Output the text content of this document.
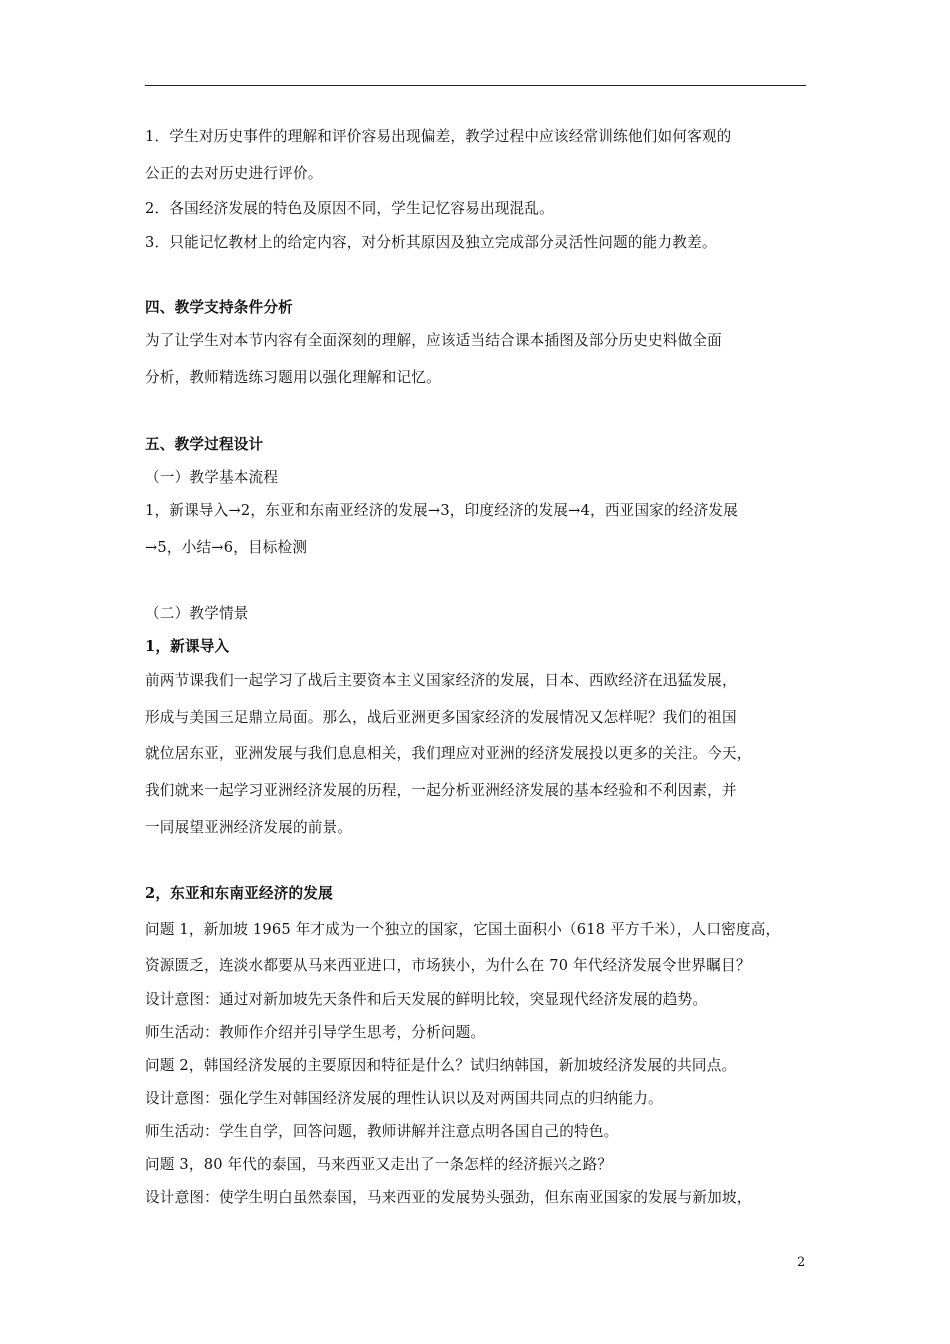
1．学生对历史事件的理解和评价容易出现偏差，教学过程中应该经常训练他们如何客观的
公正的去对历史进行评价。
2．各国经济发展的特色及原因不同，学生记忆容易出现混乱。
3．只能记忆教材上的给定内容，对分析其原因及独立完成部分灵活性问题的能力教差。
四、教学支持条件分析
为了让学生对本节内容有全面深刻的理解，应该适当结合课本插图及部分历史史料做全面
分析，教师精选练习题用以强化理解和记忆。
五、教学过程设计
（一）教学基本流程
1，新课导入→2，东亚和东南亚经济的发展→3，印度经济的发展→4，西亚国家的经济发展
→5，小结→6，目标检测
（二）教学情景
1，新课导入
前两节课我们一起学习了战后主要资本主义国家经济的发展，日本、西欧经济在迅猛发展，
形成与美国三足鼎立局面。那么，战后亚洲更多国家经济的发展情况又怎样呢？我们的祖国
就位居东亚，亚洲发展与我们息息相关，我们理应对亚洲的经济发展投以更多的关注。今天，
我们就来一起学习亚洲经济发展的历程，一起分析亚洲经济发展的基本经验和不利因素，并
一同展望亚洲经济发展的前景。
2，东亚和东南亚经济的发展
问题 1，新加坡 1965 年才成为一个独立的国家，它国土面积小（618 平方千米），人口密度高，
资源匮乏，连淡水都要从马来西亚进口，市场狭小，为什么在 70 年代经济发展令世界瞩目？
设计意图：通过对新加坡先天条件和后天发展的鲜明比较，突显现代经济发展的趋势。
师生活动：教师作介绍并引导学生思考，分析问题。
问题 2，韩国经济发展的主要原因和特征是什么？试归纳韩国，新加坡经济发展的共同点。
设计意图：强化学生对韩国经济发展的理性认识以及对两国共同点的归纳能力。
师生活动：学生自学，回答问题，教师讲解并注意点明各国自己的特色。
问题 3，80 年代的泰国，马来西亚又走出了一条怎样的经济振兴之路？
设计意图：使学生明白虽然泰国，马来西亚的发展势头强劲，但东南亚国家的发展与新加坡，
2
